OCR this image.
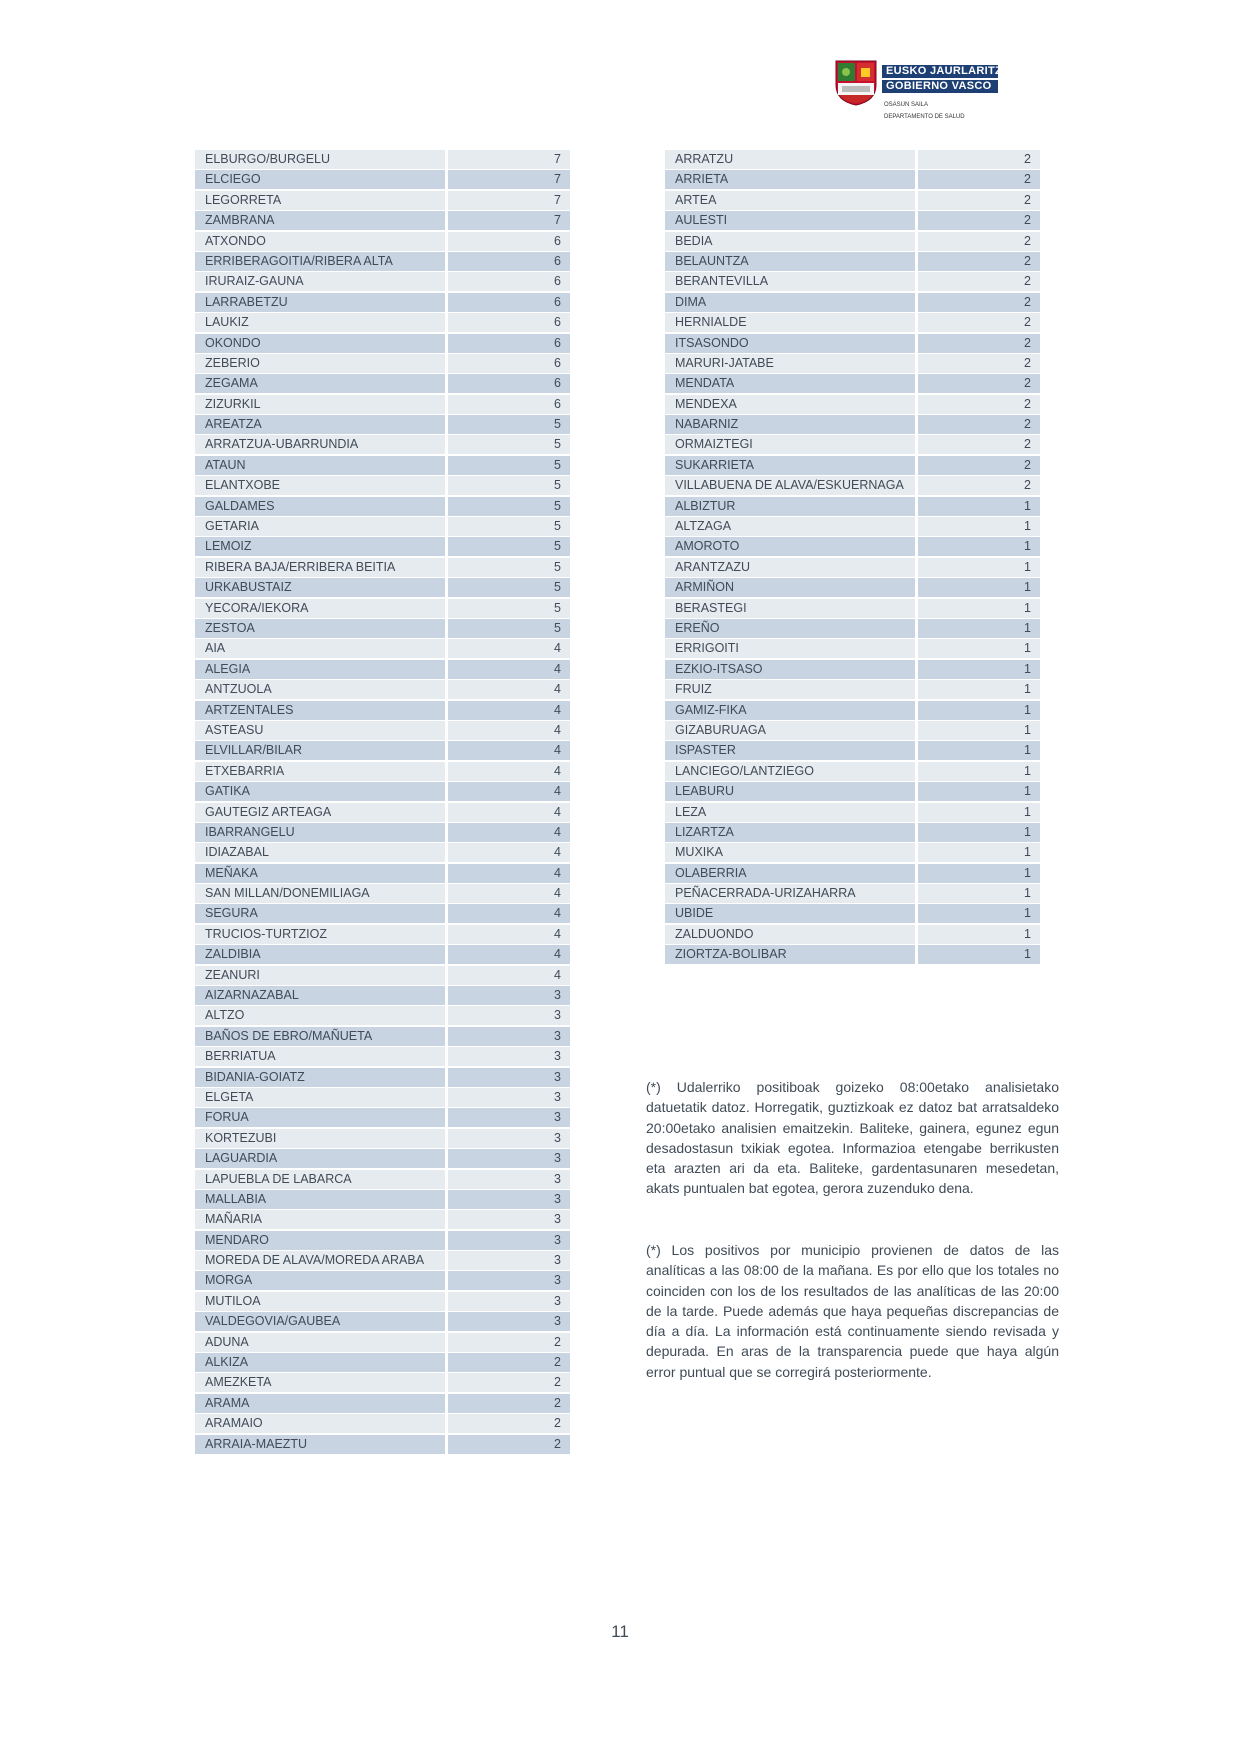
EUSKO JAURLARITZA
GOBIERNO VASCO
OSASUN SAILA
DEPARTAMENTO DE SALUD
ELBURGO/BURGELU	7
ELCIEGO	7
LEGORRETA	7
ZAMBRANA	7
ATXONDO	6
ERRIBERAGOITIA/RIBERA ALTA	6
IRURAIZ-GAUNA	6
LARRABETZU	6
LAUKIZ	6
OKONDO	6
ZEBERIO	6
ZEGAMA	6
ZIZURKIL	6
AREATZA	5
ARRATZUA-UBARRUNDIA	5
ATAUN	5
ELANTXOBE	5
GALDAMES	5
GETARIA	5
LEMOIZ	5
RIBERA BAJA/ERRIBERA BEITIA	5
URKABUSTAIZ	5
YECORA/IEKORA	5
ZESTOA	5
AIA	4
ALEGIA	4
ANTZUOLA	4
ARTZENTALES	4
ASTEASU	4
ELVILLAR/BILAR	4
ETXEBARRIA	4
GATIKA	4
GAUTEGIZ ARTEAGA	4
IBARRANGELU	4
IDIAZABAL	4
MEÑAKA	4
SAN MILLAN/DONEMILIAGA	4
SEGURA	4
TRUCIOS-TURTZIOZ	4
ZALDIBIA	4
ZEANURI	4
AIZARNAZABAL	3
ALTZO	3
BAÑOS DE EBRO/MAÑUETA	3
BERRIATUA	3
BIDANIA-GOIATZ	3
ELGETA	3
FORUA	3
KORTEZUBI	3
LAGUARDIA	3
LAPUEBLA DE LABARCA	3
MALLABIA	3
MAÑARIA	3
MENDARO	3
MOREDA DE ALAVA/MOREDA ARABA	3
MORGA	3
MUTILOA	3
VALDEGOVIA/GAUBEA	3
ADUNA	2
ALKIZA	2
AMEZKETA	2
ARAMA	2
ARAMAIO	2
ARRAIA-MAEZTU	2
ARRATZU	2
ARRIETA	2
ARTEA	2
AULESTI	2
BEDIA	2
BELAUNTZA	2
BERANTEVILLA	2
DIMA	2
HERNIALDE	2
ITSASONDO	2
MARURI-JATABE	2
MENDATA	2
MENDEXA	2
NABARNIZ	2
ORMAIZTEGI	2
SUKARRIETA	2
VILLABUENA DE ALAVA/ESKUERNAGA	2
ALBIZTUR	1
ALTZAGA	1
AMOROTO	1
ARANTZAZU	1
ARMIÑON	1
BERASTEGI	1
EREÑO	1
ERRIGOITI	1
EZKIO-ITSASO	1
FRUIZ	1
GAMIZ-FIKA	1
GIZABURUAGA	1
ISPASTER	1
LANCIEGO/LANTZIEGO	1
LEABURU	1
LEZA	1
LIZARTZA	1
MUXIKA	1
OLABERRIA	1
PEÑACERRADA-URIZAHARRA	1
UBIDE	1
ZALDUONDO	1
ZIORTZA-BOLIBAR	1
(*) Udalerriko positiboak goizeko 08:00etako analisietako datuetatik datoz. Horregatik, guztizkoak ez datoz bat arratsaldeko 20:00etako analisien emaitzekin. Baliteke, gainera, egunez egun desadostasun txikiak egotea. Informazioa etengabe berrikusten eta arazten ari da eta. Baliteke, gardentasunaren mesedetan, akats puntualen bat egotea, gerora zuzenduko dena.
(*) Los positivos por municipio provienen de datos de las analíticas a las 08:00 de la mañana. Es por ello que los totales no coinciden con los de los resultados de las analíticas de las 20:00 de la tarde. Puede además que haya pequeñas discrepancias de día a día. La información está continuamente siendo revisada y depurada. En aras de la transparencia puede que haya algún error puntual que se corregirá posteriormente.
11
